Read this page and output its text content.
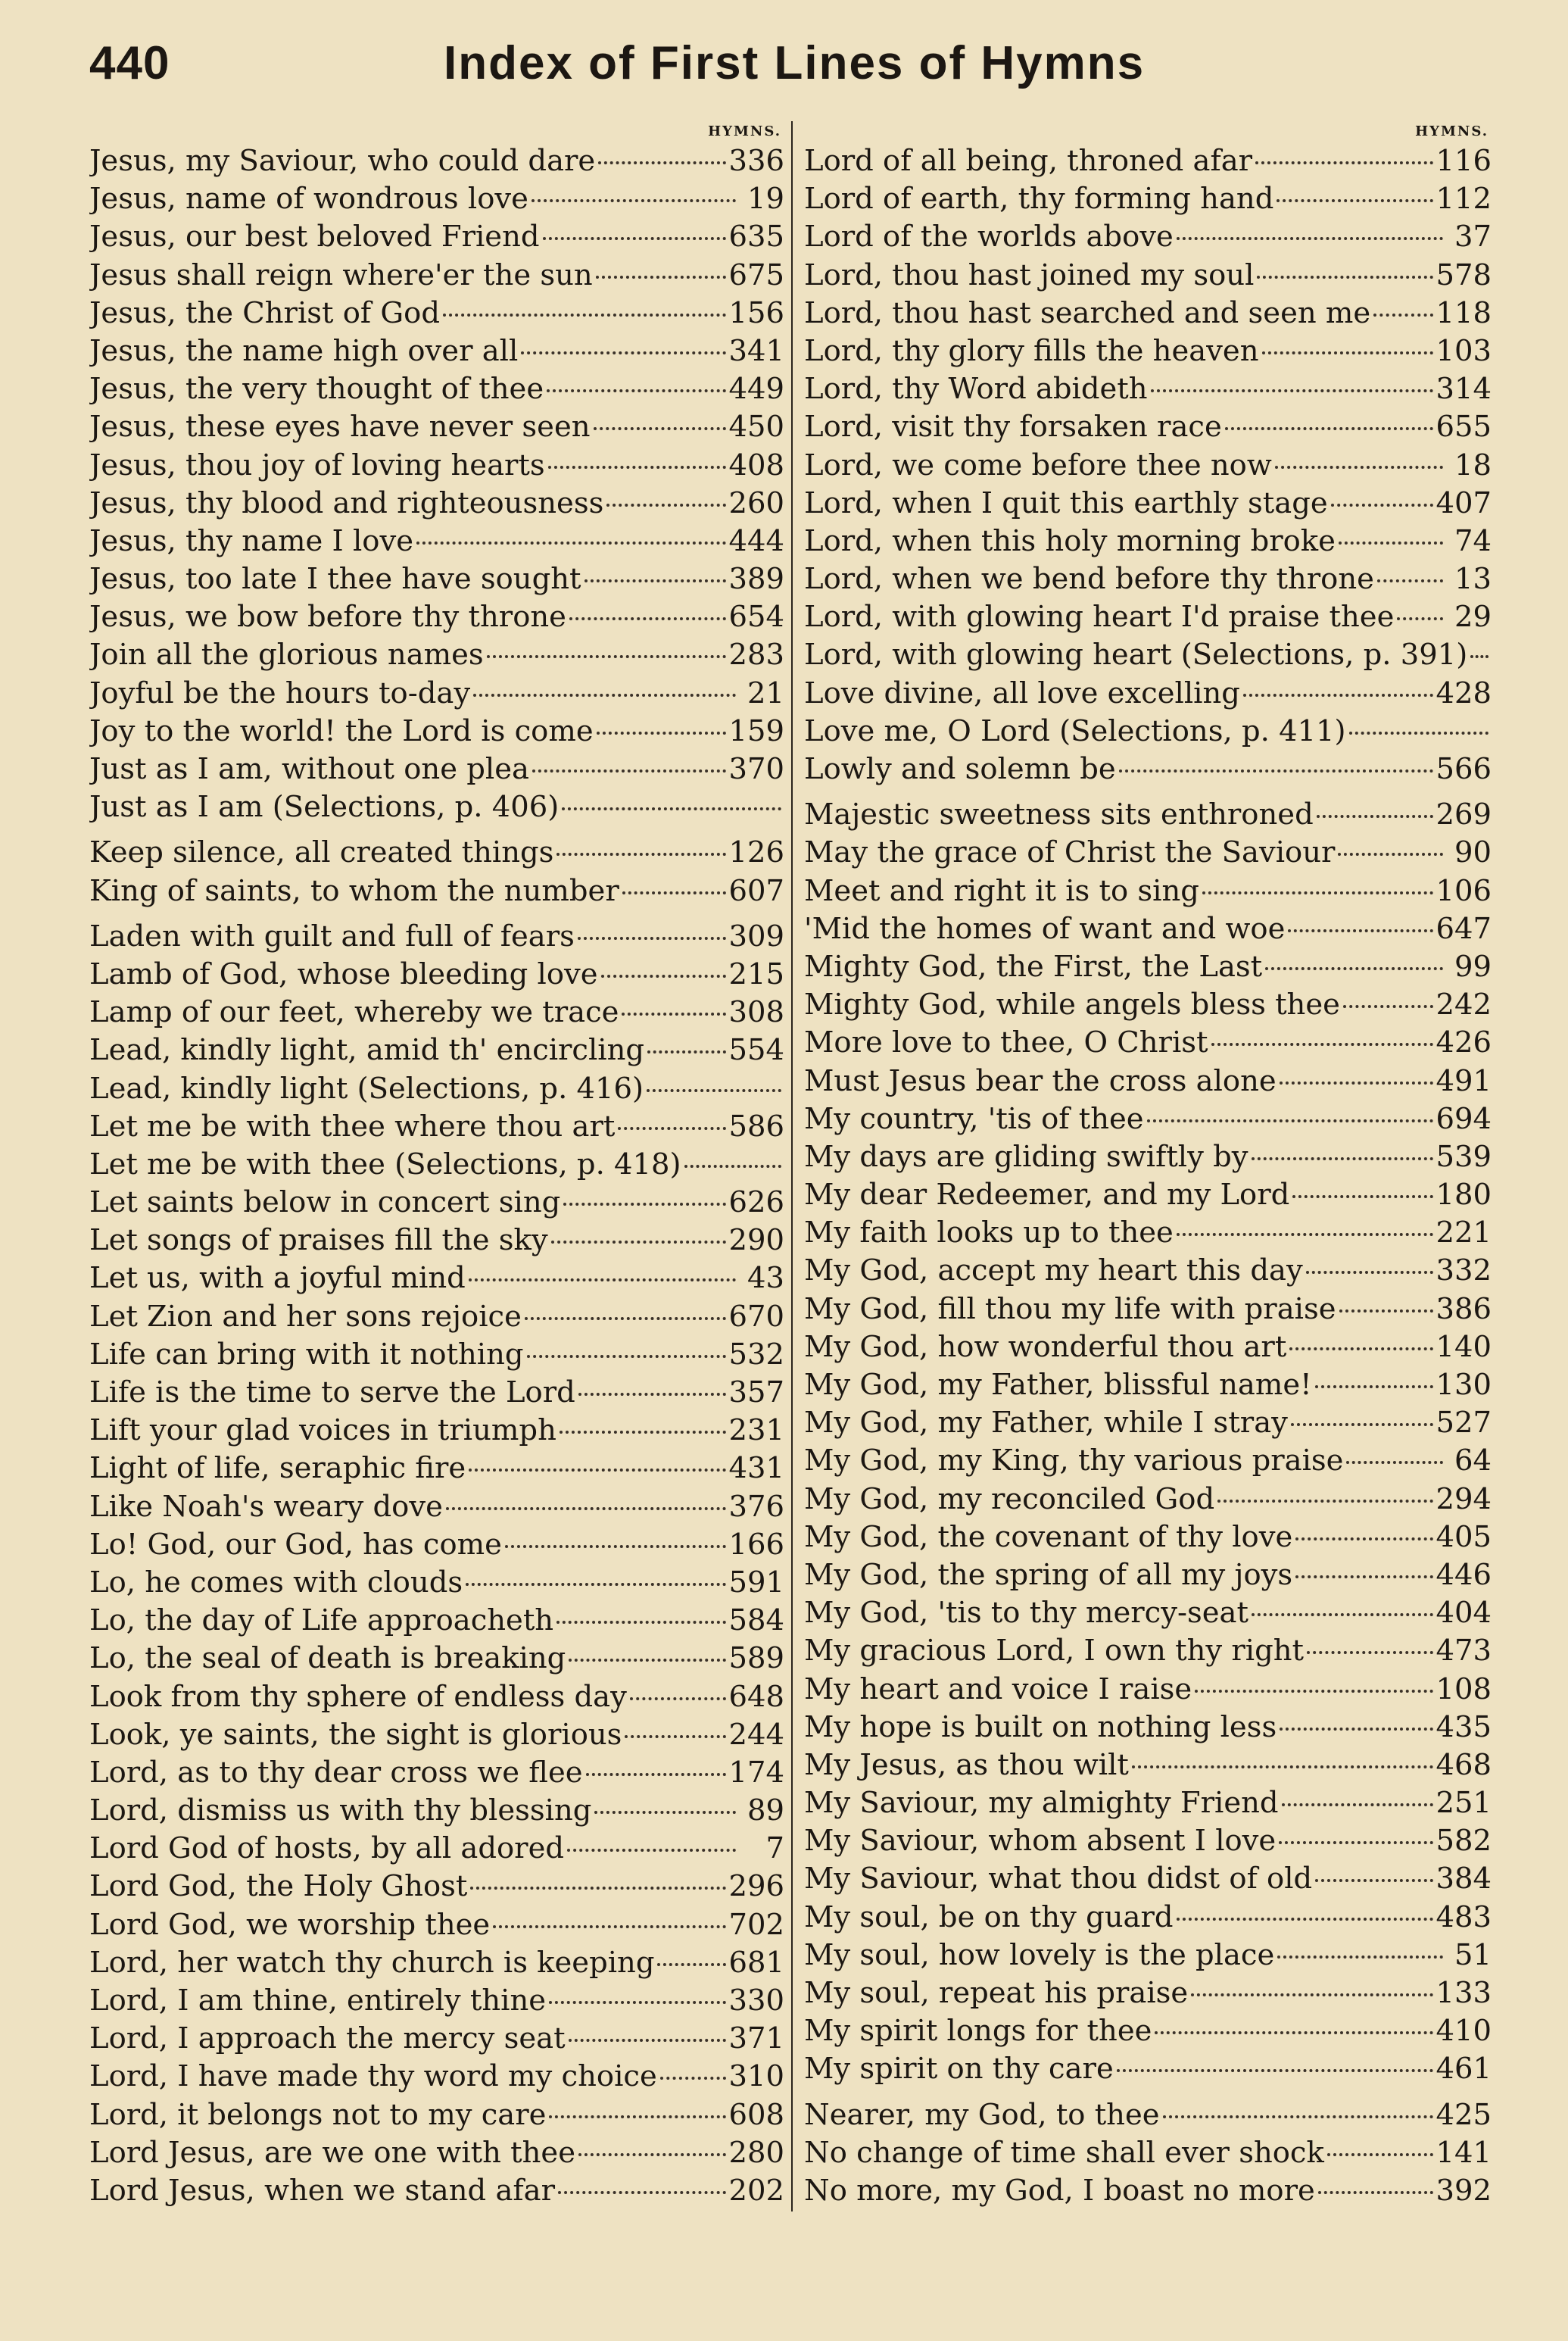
440	Index of First Lines of Hymns
HYMNS.
Jesus, my Saviour, who could dare	336
Jesus, name of wondrous love	19
Jesus, our best beloved Friend	635
Jesus shall reign where'er the sun	675
Jesus, the Christ of God	156
Jesus, the name high over all	341
Jesus, the very thought of thee	449
Jesus, these eyes have never seen	450
Jesus, thou joy of loving hearts	408
Jesus, thy blood and righteousness	260
Jesus, thy name I love	444
Jesus, too late I thee have sought	389
Jesus, we bow before thy throne	654
Join all the glorious names	283
Joyful be the hours to-day	21
Joy to the world! the Lord is come	159
Just as I am, without one plea	370
Just as I am (Selections, p. 406)
Keep silence, all created things	126
King of saints, to whom the number	607
Laden with guilt and full of fears	309
Lamb of God, whose bleeding love	215
Lamp of our feet, whereby we trace	308
Lead, kindly light, amid th' encircling	554
Lead, kindly light (Selections, p. 416)
Let me be with thee where thou art	586
Let me be with thee (Selections, p. 418)
Let saints below in concert sing	626
Let songs of praises fill the sky	290
Let us, with a joyful mind	43
Let Zion and her sons rejoice	670
Life can bring with it nothing	532
Life is the time to serve the Lord	357
Lift your glad voices in triumph	231
Light of life, seraphic fire	431
Like Noah's weary dove	376
Lo! God, our God, has come	166
Lo, he comes with clouds	591
Lo, the day of Life approacheth	584
Lo, the seal of death is breaking	589
Look from thy sphere of endless day	648
Look, ye saints, the sight is glorious	244
Lord, as to thy dear cross we flee	174
Lord, dismiss us with thy blessing	89
Lord God of hosts, by all adored	7
Lord God, the Holy Ghost	296
Lord God, we worship thee	702
Lord, her watch thy church is keeping	681
Lord, I am thine, entirely thine	330
Lord, I approach the mercy seat	371
Lord, I have made thy word my choice 310
Lord, it belongs not to my care	608
Lord Jesus, are we one with thee	280
Lord Jesus, when we stand afar	202
HYMNS.
Lord of all being, throned afar	116
Lord of earth, thy forming hand	112
Lord of the worlds above	37
Lord, thou hast joined my soul	578
Lord, thou hast searched and seen me 118
Lord, thy glory fills the heaven	103
Lord, thy Word abideth	314
Lord, visit thy forsaken race	655
Lord, we come before thee now	18
Lord, when I quit this earthly stage	407
Lord, when this holy morning broke	74
Lord, when we bend before thy throne	13
Lord, with glowing heart I'd praise thee 29
Lord, with glowing heart (Selections, p. 391)
Love divine, all love excelling	428
Love me, O Lord (Selections, p. 411)
Lowly and solemn be	566
Majestic sweetness sits enthroned	269
May the grace of Christ the Saviour	90
Meet and right it is to sing	106
'Mid the homes of want and woe	647
Mighty God, the First, the Last	99
Mighty God, while angels bless thee	242
More love to thee, O Christ	426
Must Jesus bear the cross alone	491
My country, 'tis of thee	694
My days are gliding swiftly by	539
My dear Redeemer, and my Lord	180
My faith looks up to thee	221
My God, accept my heart this day	332
My God, fill thou my life with praise	386
My God, how wonderful thou art	140
My God, my Father, blissful name!	130
My God, my Father, while I stray	527
My God, my King, thy various praise	64
My God, my reconciled God	294
My God, the covenant of thy love	405
My God, the spring of all my joys	446
My God, 'tis to thy mercy-seat	404
My gracious Lord, I own thy right	473
My heart and voice I raise	108
My hope is built on nothing less	435
My Jesus, as thou wilt	468
My Saviour, my almighty Friend	251
My Saviour, whom absent I love	582
My Saviour, what thou didst of old	384
My soul, be on thy guard	483
My soul, how lovely is the place	51
My soul, repeat his praise	133
My spirit longs for thee	410
My spirit on thy care	461
Nearer, my God, to thee	425
No change of time shall ever shock	141
No more, my God, I boast no more	392
